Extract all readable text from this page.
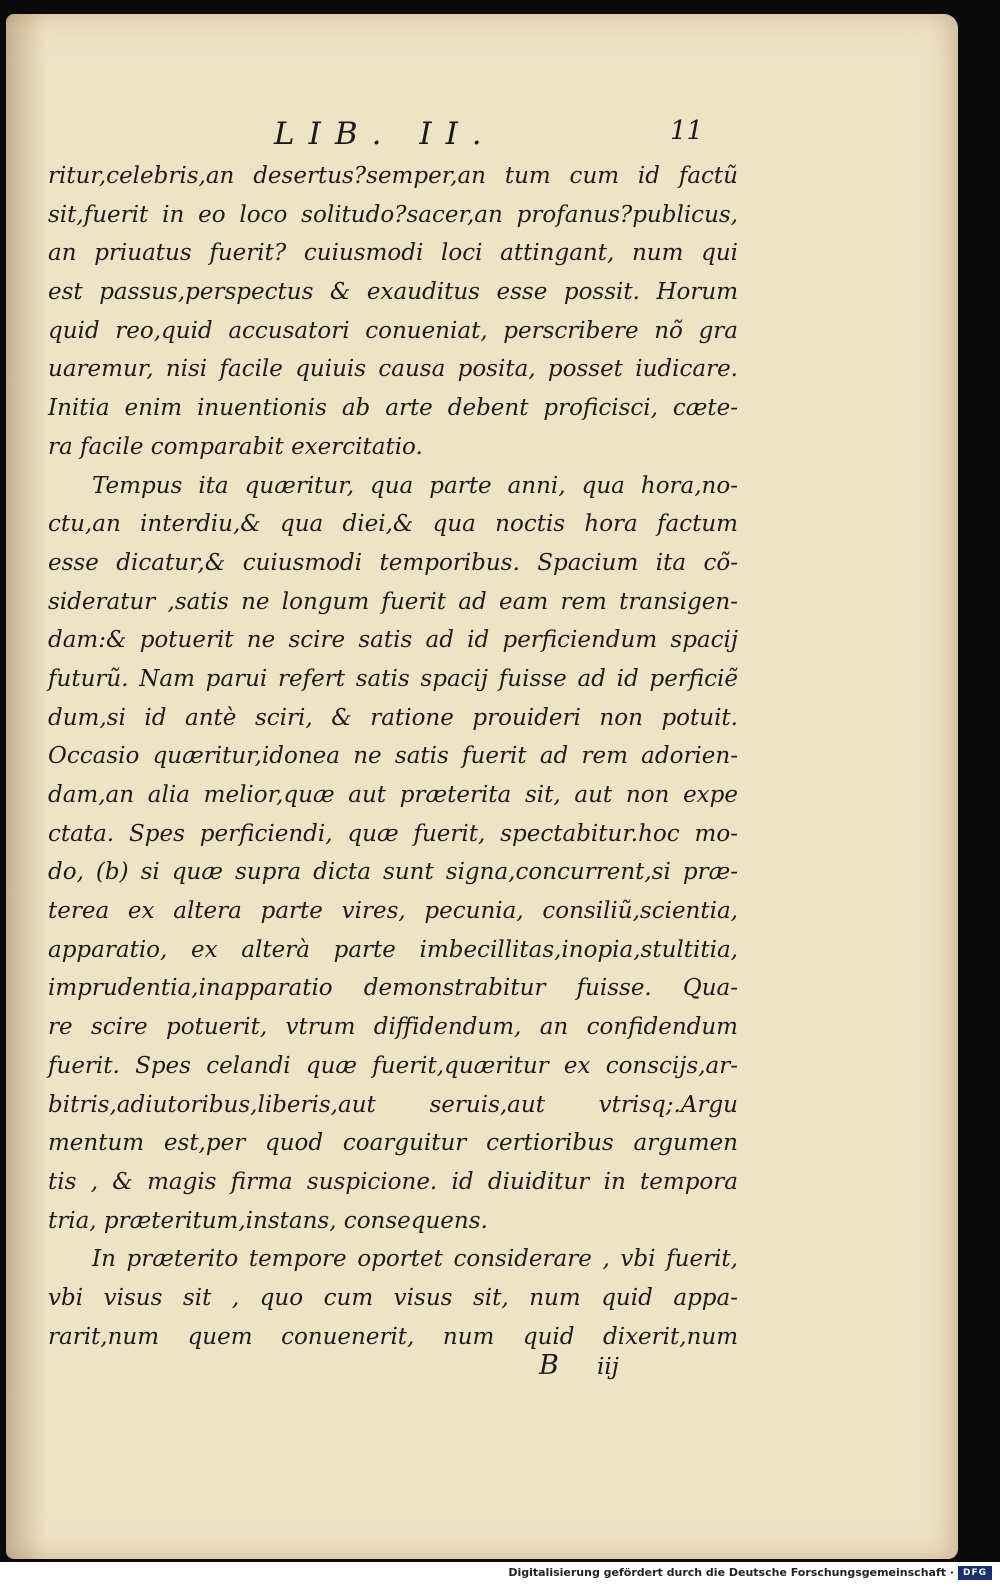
LIB. II.	11
ritur,celebris,an desertus?semper,an tum cum id factũ
sit,fuerit in eo loco solitudo?sacer,an profanus?publicus,
an priuatus fuerit? cuiusmodi loci attingant, num qui
est passus,perspectus & exauditus esse possit. Horum
quid reo,quid accusatori conueniat, perscribere nõ gra
uaremur, nisi facile quiuis causa posita, posset iudicare.
Initia enim inuentionis ab arte debent proficisci, cæte-
ra facile comparabit exercitatio.
Tempus ita quæritur, qua parte anni, qua hora,no-
ctu,an interdiu,& qua diei,& qua noctis hora factum
esse dicatur,& cuiusmodi temporibus. Spacium ita cõ-
sideratur ,satis ne longum fuerit ad eam rem transigen-
dam:& potuerit ne scire satis ad id perficiendum spacij
futurũ. Nam parui refert satis spacij fuisse ad id perficiẽ
dum,si id antè sciri, & ratione prouideri non potuit.
Occasio quæritur,idonea ne satis fuerit ad rem adorien-
dam,an alia melior,quæ aut præterita sit, aut non expe
ctata. Spes perficiendi, quæ fuerit, spectabitur.hoc mo-
do, (b) si quæ supra dicta sunt signa,concurrent,si præ-
terea ex altera parte vires, pecunia, consiliũ,scientia,
apparatio, ex alterà parte imbecillitas,inopia,stultitia,
imprudentia,inapparatio demonstrabitur fuisse. Qua-
re scire potuerit, vtrum diffidendum, an confidendum
fuerit. Spes celandi quæ fuerit,quæritur ex conscijs,ar-
bitris,adiutoribus,liberis,aut seruis,aut vtrisq;.Argu
mentum est,per quod coarguitur certioribus argumen
tis , & magis firma suspicione. id diuiditur in tempora
tria, præteritum,instans, consequens.
In præterito tempore oportet considerare , vbi fuerit,
vbi visus sit , quo cum visus sit, num quid appa-
rarit,num quem conuenerit, num quid dixerit,num
B iij
Digitalisierung gefördert durch die Deutsche Forschungsgemeinschaft · DFG
